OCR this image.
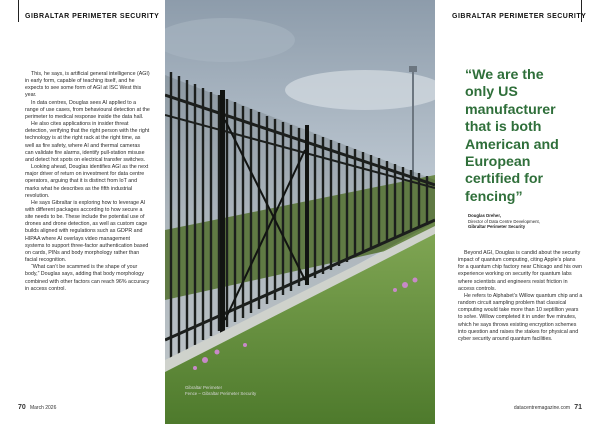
GIBRALTAR PERIMETER SECURITY

This, he says, is artificial general intelligence (AGI) in early form, capable of teaching itself, and he expects to see some form of AGI at ISC West this year.

In data centres, Douglas sees AI applied to a range of use cases, from behavioural detection at the perimeter to medical response inside the data hall.

He also cites applications in insider threat detection, verifying that the right person with the right technology is at the right rack at the right time, as well as fire safety, where AI and thermal cameras can validate fire alarms, identify pull-station misuse and detect hot spots on electrical transfer switches.

Looking ahead, Douglas identifies AGI as the next major driver of return on investment for data centre operators, arguing that it is distinct from IoT and marks what he describes as the fifth industrial revolution.

He says Gibraltar is exploring how to leverage AI with different packages according to how secure a site needs to be. These include the potential use of drones and drone detection, as well as custom cage builds aligned with regulations such as GDPR and HIPAA where AI overlays video management systems to support three-factor authentication based on cards, PINs and body morphology rather than facial recognition.

“What can’t be scammed is the shape of your body,” Douglas says, adding that body morphology combined with other factors can reach 96% accuracy in access control.

70 March 2026
GIBRALTAR PERIMETER SECURITY
“We are the only US manufacturer that is both American and European certified for fencing”
Douglas Dreher,
Director of Data Centre Development,
Gibraltar Perimeter Security

Beyond AGI, Douglas is candid about the security impact of quantum computing, citing Apple’s plans for a quantum chip factory near Chicago and his own experience working on security for quantum labs where scientists and engineers resist friction in access controls.

He refers to Alphabet’s Willow quantum chip and a random circuit sampling problem that classical computing would take more than 10 septillion years to solve. Willow completed it in under five minutes, which he says throws existing encryption schemes into question and raises the stakes for physical and cyber security around quantum facilities.

datacentremagazine.com 71
Gibraltar Perimeter
Fence – Gibraltar Perimeter Security
